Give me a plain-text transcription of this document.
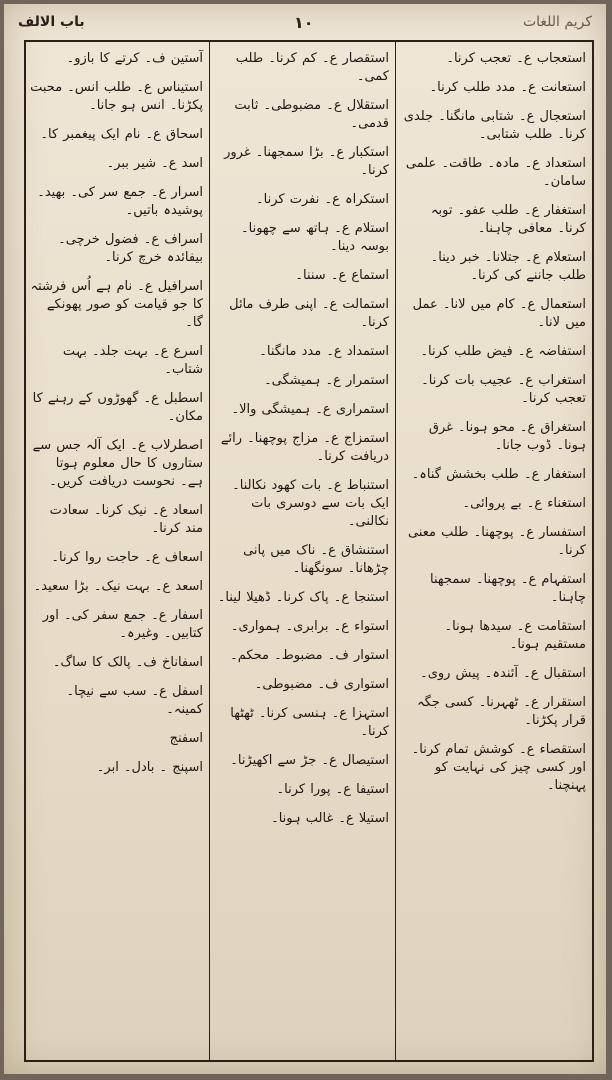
کریم اللغات
۱۰
باب الالف
استعجاب ع۔ تعجب کرنا۔
استعانت ع۔ مدد طلب کرنا۔
استعجال ع۔ شتابی مانگنا۔ جلدی کرنا۔ طلب شتابی۔
استعداد ع۔ مادہ۔ طاقت۔ علمی سامان۔
استغفار ع۔ طلب عفو۔ توبہ کرنا۔ معافی چاہنا۔
استعلام ع۔ جتلانا۔ خبر دینا۔ طلب جاننے کی کرنا۔
استعمال ع۔ کام میں لانا۔ عمل میں لانا۔
استفاضہ ع۔ فیض طلب کرنا۔
استغراب ع۔ عجیب بات کرنا۔ تعجب کرنا۔
استغراق ع۔ محو ہونا۔ غرق ہونا۔ ڈوب جانا۔
استغفار ع۔ طلب بخشش گناہ۔
استغناء ع۔ بے پروائی۔
استفسار ع۔ پوچھنا۔ طلب معنی کرنا۔
استفہام ع۔ پوچھنا۔ سمجھنا چاہنا۔
استقامت ع۔ سیدھا ہونا۔ مستقیم ہونا۔
استقبال ع۔ آئندہ۔ پیش روی۔
استقرار ع۔ ٹھہرنا۔ کسی جگہ قرار پکڑنا۔
استقصاء ع۔ کوشش تمام کرنا۔ اور کسی چیز کی نہایت کو پہنچنا۔
استقصار ع۔ کم کرنا۔ طلب کمی۔
استقلال ع۔ مضبوطی۔ ثابت قدمی۔
استکبار ع۔ بڑا سمجھنا۔ غرور کرنا۔
استکراہ ع۔ نفرت کرنا۔
استلام ع۔ ہاتھ سے چھونا۔ بوسہ دینا۔
استماع ع۔ سننا۔
استمالت ع۔ اپنی طرف مائل کرنا۔
استمداد ع۔ مدد مانگنا۔
استمرار ع۔ ہمیشگی۔
استمراری ع۔ ہمیشگی والا۔
استمزاج ع۔ مزاج پوچھنا۔ رائے دریافت کرنا۔
استنباط ع۔ بات کھود نکالنا۔ ایک بات سے دوسری بات نکالنی۔
استنشاق ع۔ ناک میں پانی چڑھانا۔ سونگھنا۔
استنجا ع۔ پاک کرنا۔ ڈھیلا لینا۔
استواء ع۔ برابری۔ ہمواری۔
استوار ف۔ مضبوط۔ محکم۔
استواری ف۔ مضبوطی۔
استہزا ع۔ ہنسی کرنا۔ ٹھٹھا کرنا۔
استیصال ع۔ جڑ سے اکھیڑنا۔
استیفا ع۔ پورا کرنا۔
استیلا ع۔ غالب ہونا۔
آستین ف۔ کرتے کا بازو۔
استیناس ع۔ طلب انس۔ محبت پکڑنا۔ انس ہو جانا۔
اسحاق ع۔ نام ایک پیغمبر کا۔
اسد ع۔ شیر ببر۔
اسرار ع۔ جمع سر کی۔ بھید۔ پوشیدہ باتیں۔
اسراف ع۔ فضول خرچی۔ بیفائدہ خرچ کرنا۔
اسرافیل ع۔ نام ہے اُس فرشتہ کا جو قیامت کو صور پھونکے گا۔
اسرع ع۔ بہت جلد۔ بہت شتاب۔
اسطبل ع۔ گھوڑوں کے رہنے کا مکان۔
اصطرلاب ع۔ ایک آلہ جس سے ستاروں کا حال معلوم ہوتا ہے۔ نحوست دریافت کریں۔
اسعاد ع۔ نیک کرنا۔ سعادت مند کرنا۔
اسعاف ع۔ حاجت روا کرنا۔
اسعد ع۔ بہت نیک۔ بڑا سعید۔
اسفار ع۔ جمع سفر کی۔ اور کتابیں۔ وغیرہ۔
اسفاناخ ف۔ پالک کا ساگ۔
اسفل ع۔ سب سے نیچا۔ کمینہ۔
اسفنج
اسپنج ۔ بادل۔ ابر۔
